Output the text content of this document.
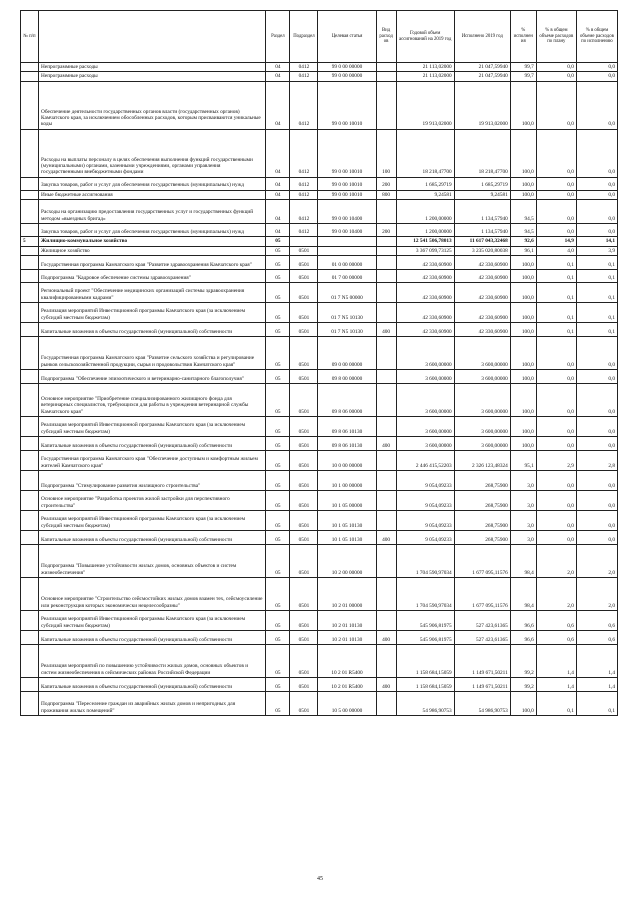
№ п/п		Раздел	Подраздел	Целевая статья	Вид расходов	Годовой объем ассигнований на 2019 год	Исполнено 2019 год	% исполнения	% в общем объеме расходов по плану	% в общем объеме расходов по исполнению
	Непрограммные расходы	04	0412	99 0 00 00000		21 113,02000	21 047,59940	99,7	0,0	0,0
	Непрограммные расходы	04	0412	99 0 00 00000		21 113,02000	21 047,59940	99,7	0,0	0,0
	Обеспечение деятельности государственных органов власти (государственных органов) Камчатского края, за исключением обособленных расходов, которым присваиваются уникальные коды	04	0412	99 0 00 10010		19 913,02000	19 913,02000	100,0	0,0	0,0
	Расходы на выплаты персоналу в целях обеспечения выполнения функций государственными (муниципальными) органами, казенными учреждениями, органами управления государственными внебюджетными фондами	04	0412	99 0 00 10010	100	18 218,47700	18 218,47700	100,0	0,0	0,0
	Закупка товаров, работ и услуг для обеспечения государственных (муниципальных) нужд	04	0412	99 0 00 10010	200	1 685,29719	1 685,29719	100,0	0,0	0,0
	Иные бюджетные ассигнования	04	0412	99 0 00 10010	800	9,24581	9,24581	100,0	0,0	0,0
	Расходы на организацию предоставления государственных услуг и государственных функций методом «выездных бригад»	04	0412	99 0 00 10400		1 200,00000	1 134,57940	94,5	0,0	0,0
	Закупка товаров, работ и услуг для обеспечения государственных (муниципальных) нужд	04	0412	99 0 00 10400	200	1 200,00000	1 134,57940	94,5	0,0	0,0
5	Жилищно-коммунальное хозяйство	05				12 541 506,78013	11 617 043,32468	92,6	14,9	14,1
	Жилищное хозяйство	05	0501			3 367 099,73125	3 235 020,80038	96,1	4,0	3,9
	Государственная программа Камчатского края "Развитие здравоохранения Камчатского края"	05	0501	01 0 00 00000		42 330,60900	42 330,60900	100,0	0,1	0,1
	Подпрограмма "Кадровое обеспечение системы здравоохранения"	05	0501	01 7 00 00000		42 330,60900	42 330,60900	100,0	0,1	0,1
	Региональный проект "Обеспечение медицинских организаций системы здравоохранения квалифицированными кадрами"	05	0501	01 7 N5 00000		42 330,60900	42 330,60900	100,0	0,1	0,1
	Реализация мероприятий Инвестиционной программы Камчатского края (за исключением субсидий местным бюджетам)	05	0501	01 7 N5 10130		42 330,60900	42 330,60900	100,0	0,1	0,1
	Капитальные вложения в объекты государственной (муниципальной) собственности	05	0501	01 7 N5 10130	400	42 330,60900	42 330,60900	100,0	0,1	0,1
	Государственная программа Камчатского края "Развитие сельского хозяйства и регулирование рынков сельскохозяйственной продукции, сырья и продовольствия Камчатского края"	05	0501	09 0 00 00000		3 600,00000	3 600,00000	100,0	0,0	0,0
	Подпрограмма "Обеспечение эпизоотического и ветеринарно-санитарного благополучия"	05	0501	09 8 00 00000		3 600,00000	3 600,00000	100,0	0,0	0,0
	Основное мероприятие "Приобретение специализированного жилищного фонда для ветеринарных специалистов, требующихся для работы в учреждения ветеринарной службы Камчатского края"	05	0501	09 8 06 00000		3 600,00000	3 600,00000	100,0	0,0	0,0
	Реализация мероприятий Инвестиционной программы Камчатского края (за исключением субсидий местным бюджетам)	05	0501	09 8 06 10130		3 600,00000	3 600,00000	100,0	0,0	0,0
	Капитальные вложения в объекты государственной (муниципальной) собственности	05	0501	09 8 06 10130	400	3 600,00000	3 600,00000	100,0	0,0	0,0
	Государственная программа Камчатского края "Обеспечение доступным и комфортным жильем жителей Камчатского края"	05	0501	10 0 00 00000		2 446 415,52203	2 326 123,48324	95,1	2,9	2,8
	Подпрограмма "Стимулирование развития жилищного строительства"	05	0501	10 1 00 00000		9 054,09233	268,75900	3,0	0,0	0,0
	Основное мероприятие "Разработка проектов жилой застройки для перспективного строительства"	05	0501	10 1 05 00000		9 054,09233	268,75900	3,0	0,0	0,0
	Реализация мероприятий Инвестиционной программы Камчатского края (за исключением субсидий местным бюджетам)	05	0501	10 1 05 10130		9 054,09233	268,75900	3,0	0,0	0,0
	Капитальные вложения в объекты государственной (муниципальной) собственности	05	0501	10 1 05 10130	400	9 054,09233	268,75900	3,0	0,0	0,0
	Подпрограмма "Повышение устойчивости жилых домов, основных объектов и систем жизнеобеспечения"	05	0501	10 2 00 00000		1 704 590,97034	1 677 095,11576	98,4	2,0	2,0
	Основное мероприятие "Строительство сейсмостойких жилых домов взамен тех, сейсмоусиление или реконструкция которых экономически нецелесообразны"	05	0501	10 2 01 00000		1 704 590,97034	1 677 095,11576	98,4	2,0	2,0
	Реализация мероприятий Инвестиционной программы Камчатского края (за исключением субсидий местным бюджетам)	05	0501	10 2 01 10130		545 906,81975	527 423,61365	96,6	0,6	0,6
	Капитальные вложения в объекты государственной (муниципальной) собственности	05	0501	10 2 01 10130	400	545 906,81975	527 423,61365	96,6	0,6	0,6
	Реализация мероприятий по повышению устойчивости жилых домов, основных объектов и систем жизнеобеспечения в сейсмических районах Российской Федерации	05	0501	10 2 01 R5400		1 158 684,15059	1 149 671,50211	99,2	1,4	1,4
	Капитальные вложения в объекты государственной (муниципальной) собственности	05	0501	10 2 01 R5400	400	1 158 684,15059	1 149 671,50211	99,2	1,4	1,4
	Подпрограмма "Переселение граждан из аварийных жилых домов и непригодных для проживания жилых помещений"	05	0501	10 5 00 00000		54 986,90753	54 986,90753	100,0	0,1	0,1
45
